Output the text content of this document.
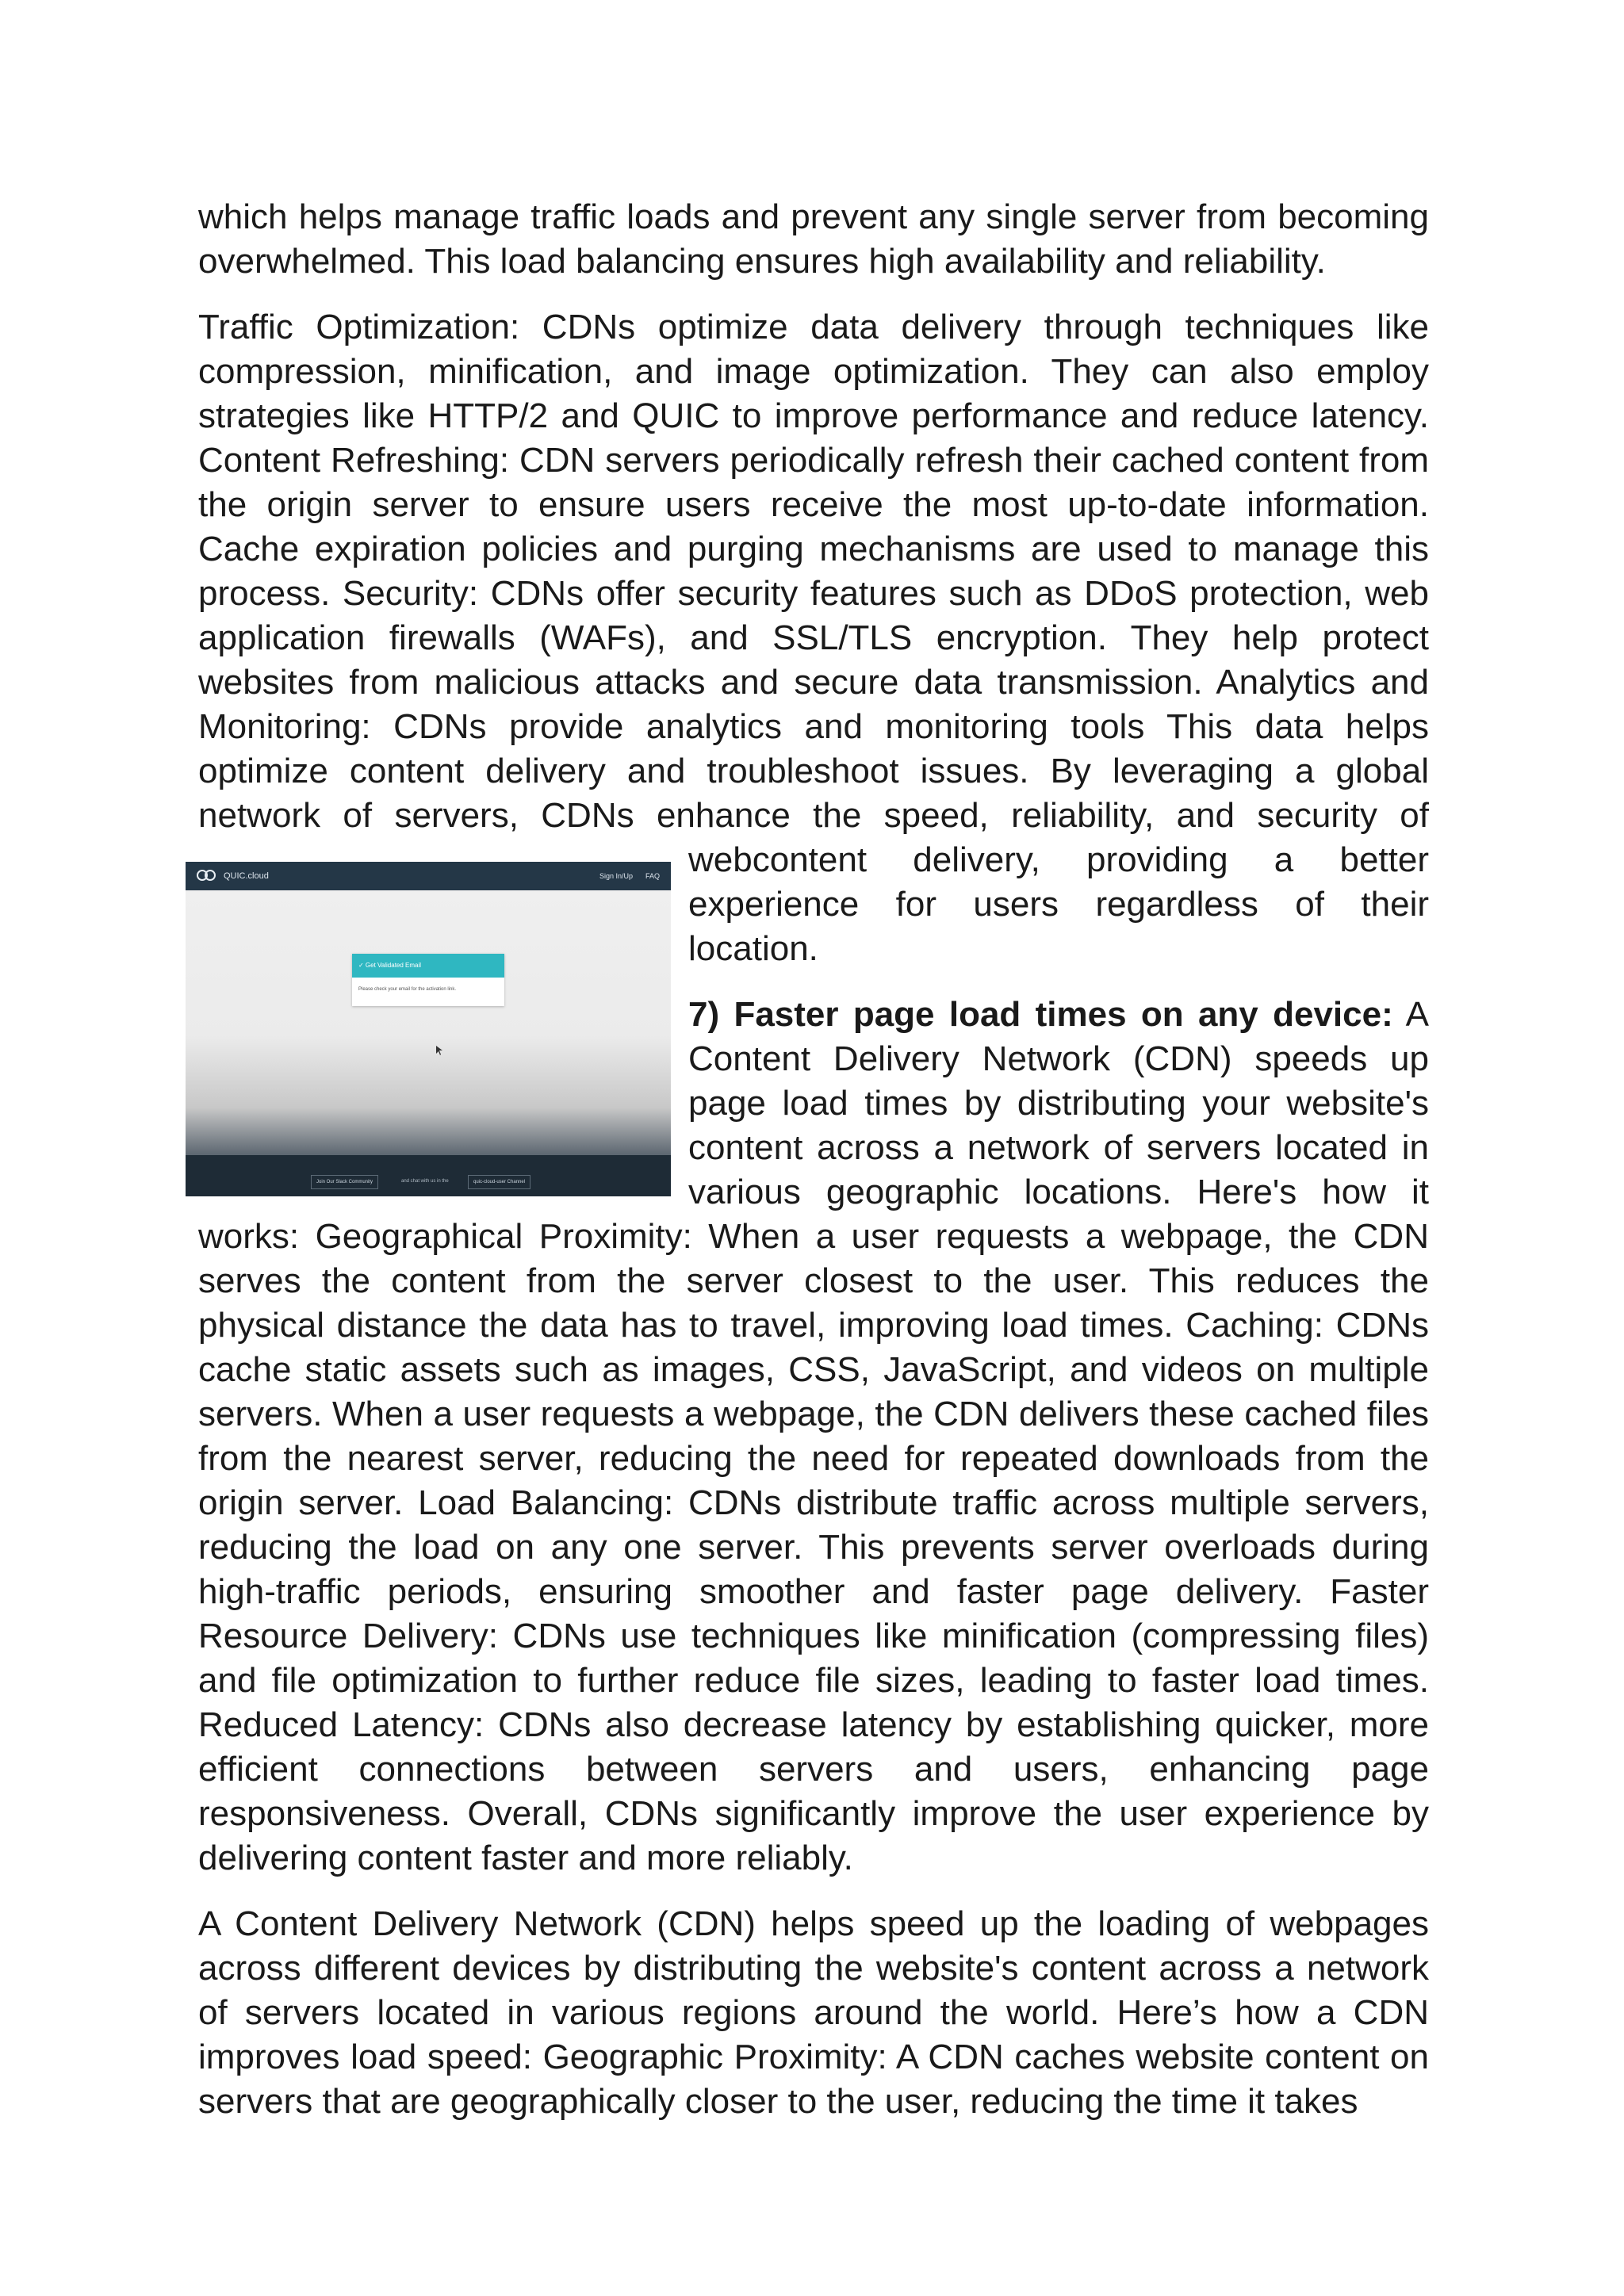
which helps manage traffic loads and prevent any single server from becoming overwhelmed. This load balancing ensures high availability and reliability.

Traffic Optimization: CDNs optimize data delivery through techniques like compression, minification, and image optimization. They can also employ strategies like HTTP/2 and QUIC to improve performance and reduce latency. Content Refreshing: CDN servers periodically refresh their cached content from the origin server to ensure users receive the most up-to-date information. Cache expiration policies and purging mechanisms are used to manage this process. Security: CDNs offer security features such as DDoS protection, web application firewalls (WAFs), and SSL/TLS encryption. They help protect websites from malicious attacks and secure data transmission. Analytics and Monitoring: CDNs provide analytics and monitoring tools This data helps optimize content delivery and troubleshoot issues. By leveraging a global network of servers, CDNs enhance the speed, reliability, and security of web
QUIC.cloud	Sign In/Up FAQ
✓ Get Validated Email
Please check your email for the activation link.
Join Our Slack Community	and chat with us in the	quic-cloud-user Channel
content delivery, providing a better experience for users regardless of their location.

7) Faster page load times on any device: A Content Delivery Network (CDN) speeds up page load times by distributing your website's content across a network of servers located in various geographic locations. Here's how it works: Geographical Proximity: When a user requests a webpage, the CDN serves the content from the server closest to the user. This reduces the physical distance the data has to travel, improving load times. Caching: CDNs cache static assets such as images, CSS, JavaScript, and videos on multiple servers. When a user requests a webpage, the CDN delivers these cached files from the nearest server, reducing the need for repeated downloads from the origin server. Load Balancing: CDNs distribute traffic across multiple servers, reducing the load on any one server. This prevents server overloads during high-traffic periods, ensuring smoother and faster page delivery. Faster Resource Delivery: CDNs use techniques like minification (compressing files) and file optimization to further reduce file sizes, leading to faster load times. Reduced Latency: CDNs also decrease latency by establishing quicker, more efficient connections between servers and users, enhancing page responsiveness. Overall, CDNs significantly improve the user experience by delivering content faster and more reliably.

A Content Delivery Network (CDN) helps speed up the loading of webpages across different devices by distributing the website's content across a network of servers located in various regions around the world. Here’s how a CDN improves load speed: Geographic Proximity: A CDN caches website content on servers that are geographically closer to the user, reducing the time it takes
